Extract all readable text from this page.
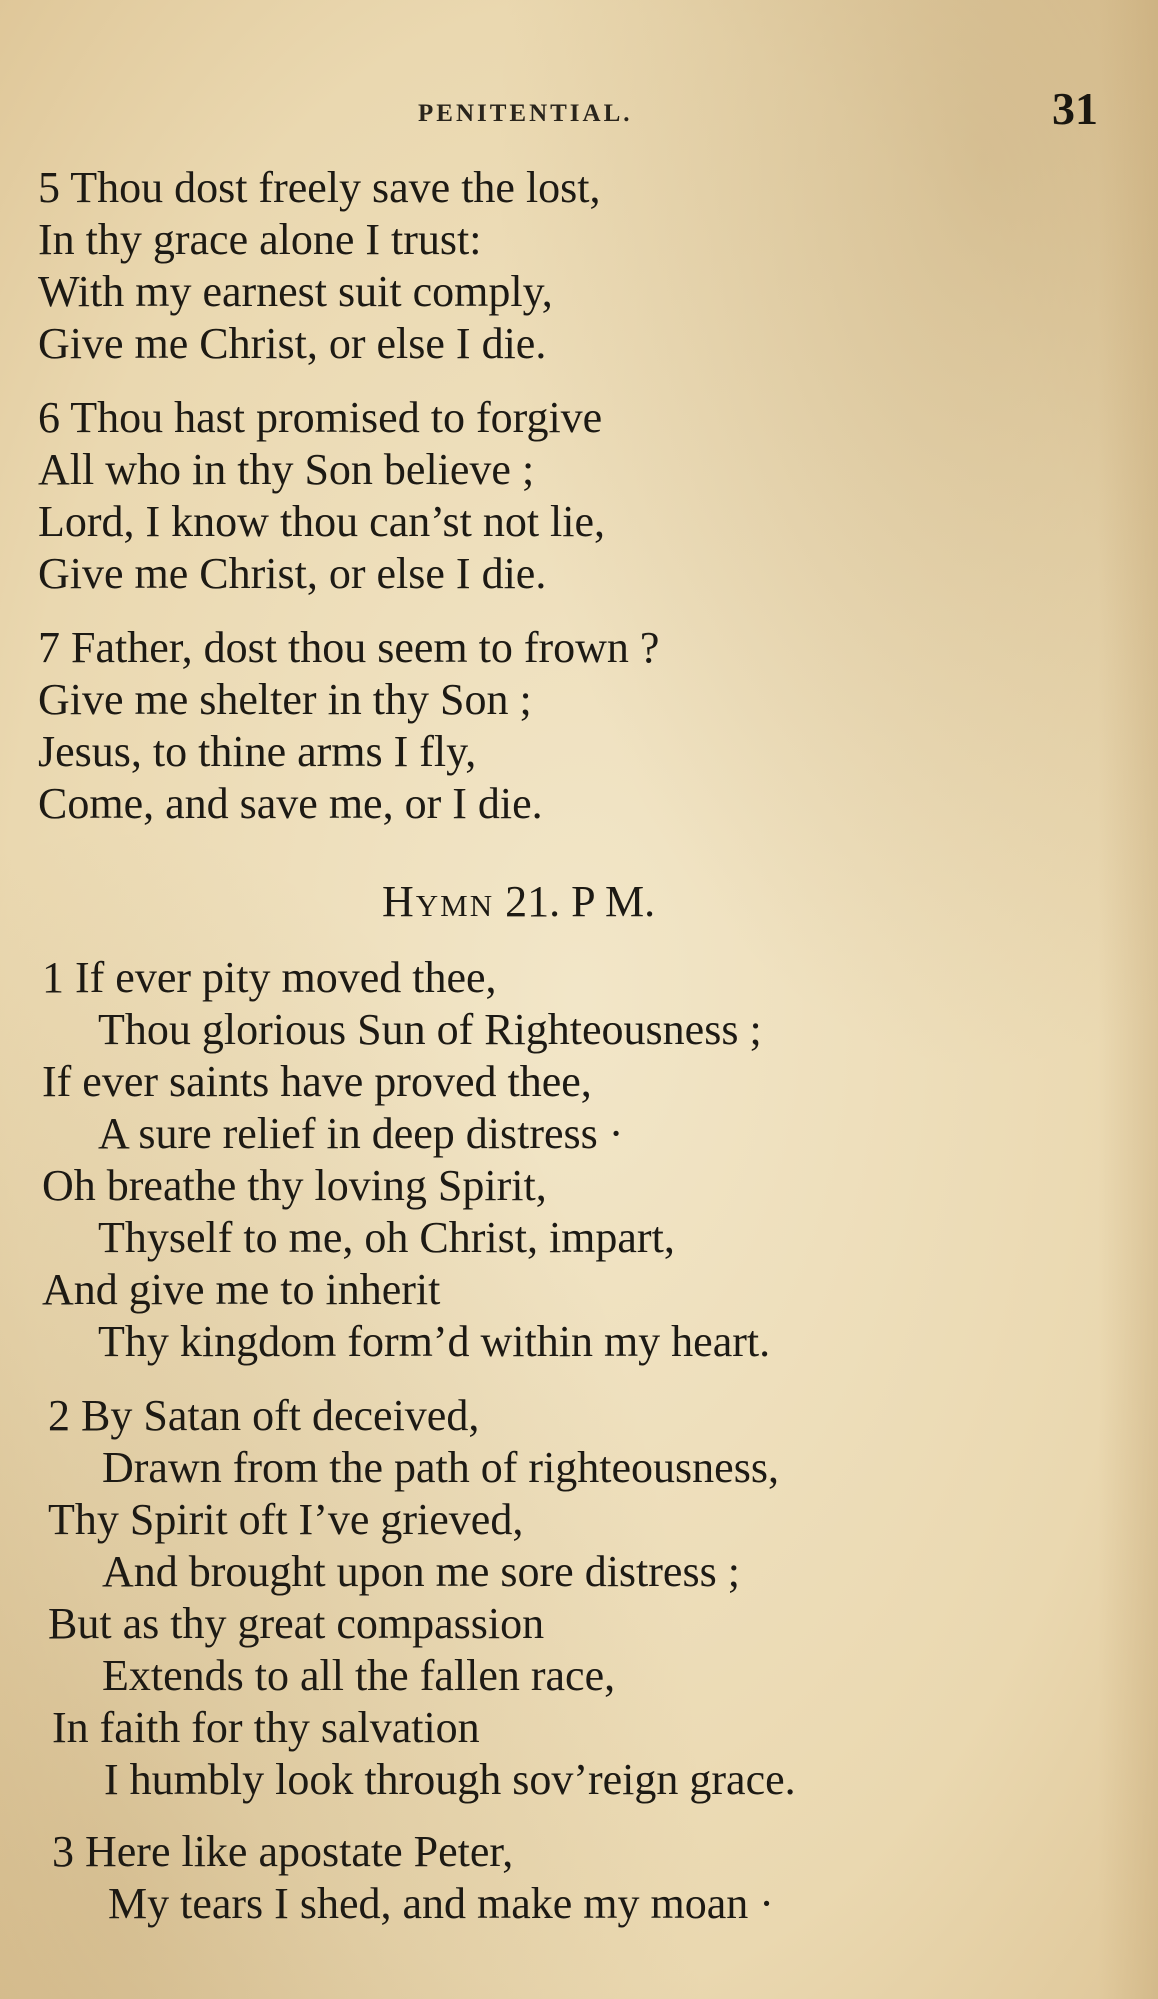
PENITENTIAL.	31
5 Thou dost freely save the lost,
In thy grace alone I trust:
With my earnest suit comply,
Give me Christ, or else I die.
6 Thou hast promised to forgive
All who in thy Son believe ;
Lord, I know thou can’st not lie,
Give me Christ, or else I die.
7 Father, dost thou seem to frown ?
Give me shelter in thy Son ;
Jesus, to thine arms I fly,
Come, and save me, or I die.
Hymn 21. P M.
1 If ever pity moved thee,
Thou glorious Sun of Righteousness ;
If ever saints have proved thee,
A sure relief in deep distress ·
Oh breathe thy loving Spirit,
Thyself to me, oh Christ, impart,
And give me to inherit
Thy kingdom form’d within my heart.
2 By Satan oft deceived,
Drawn from the path of righteousness,
Thy Spirit oft I’ve grieved,
And brought upon me sore distress ;
But as thy great compassion
Extends to all the fallen race,
In faith for thy salvation
I humbly look through sov’reign grace.
3 Here like apostate Peter,
My tears I shed, and make my moan ·
